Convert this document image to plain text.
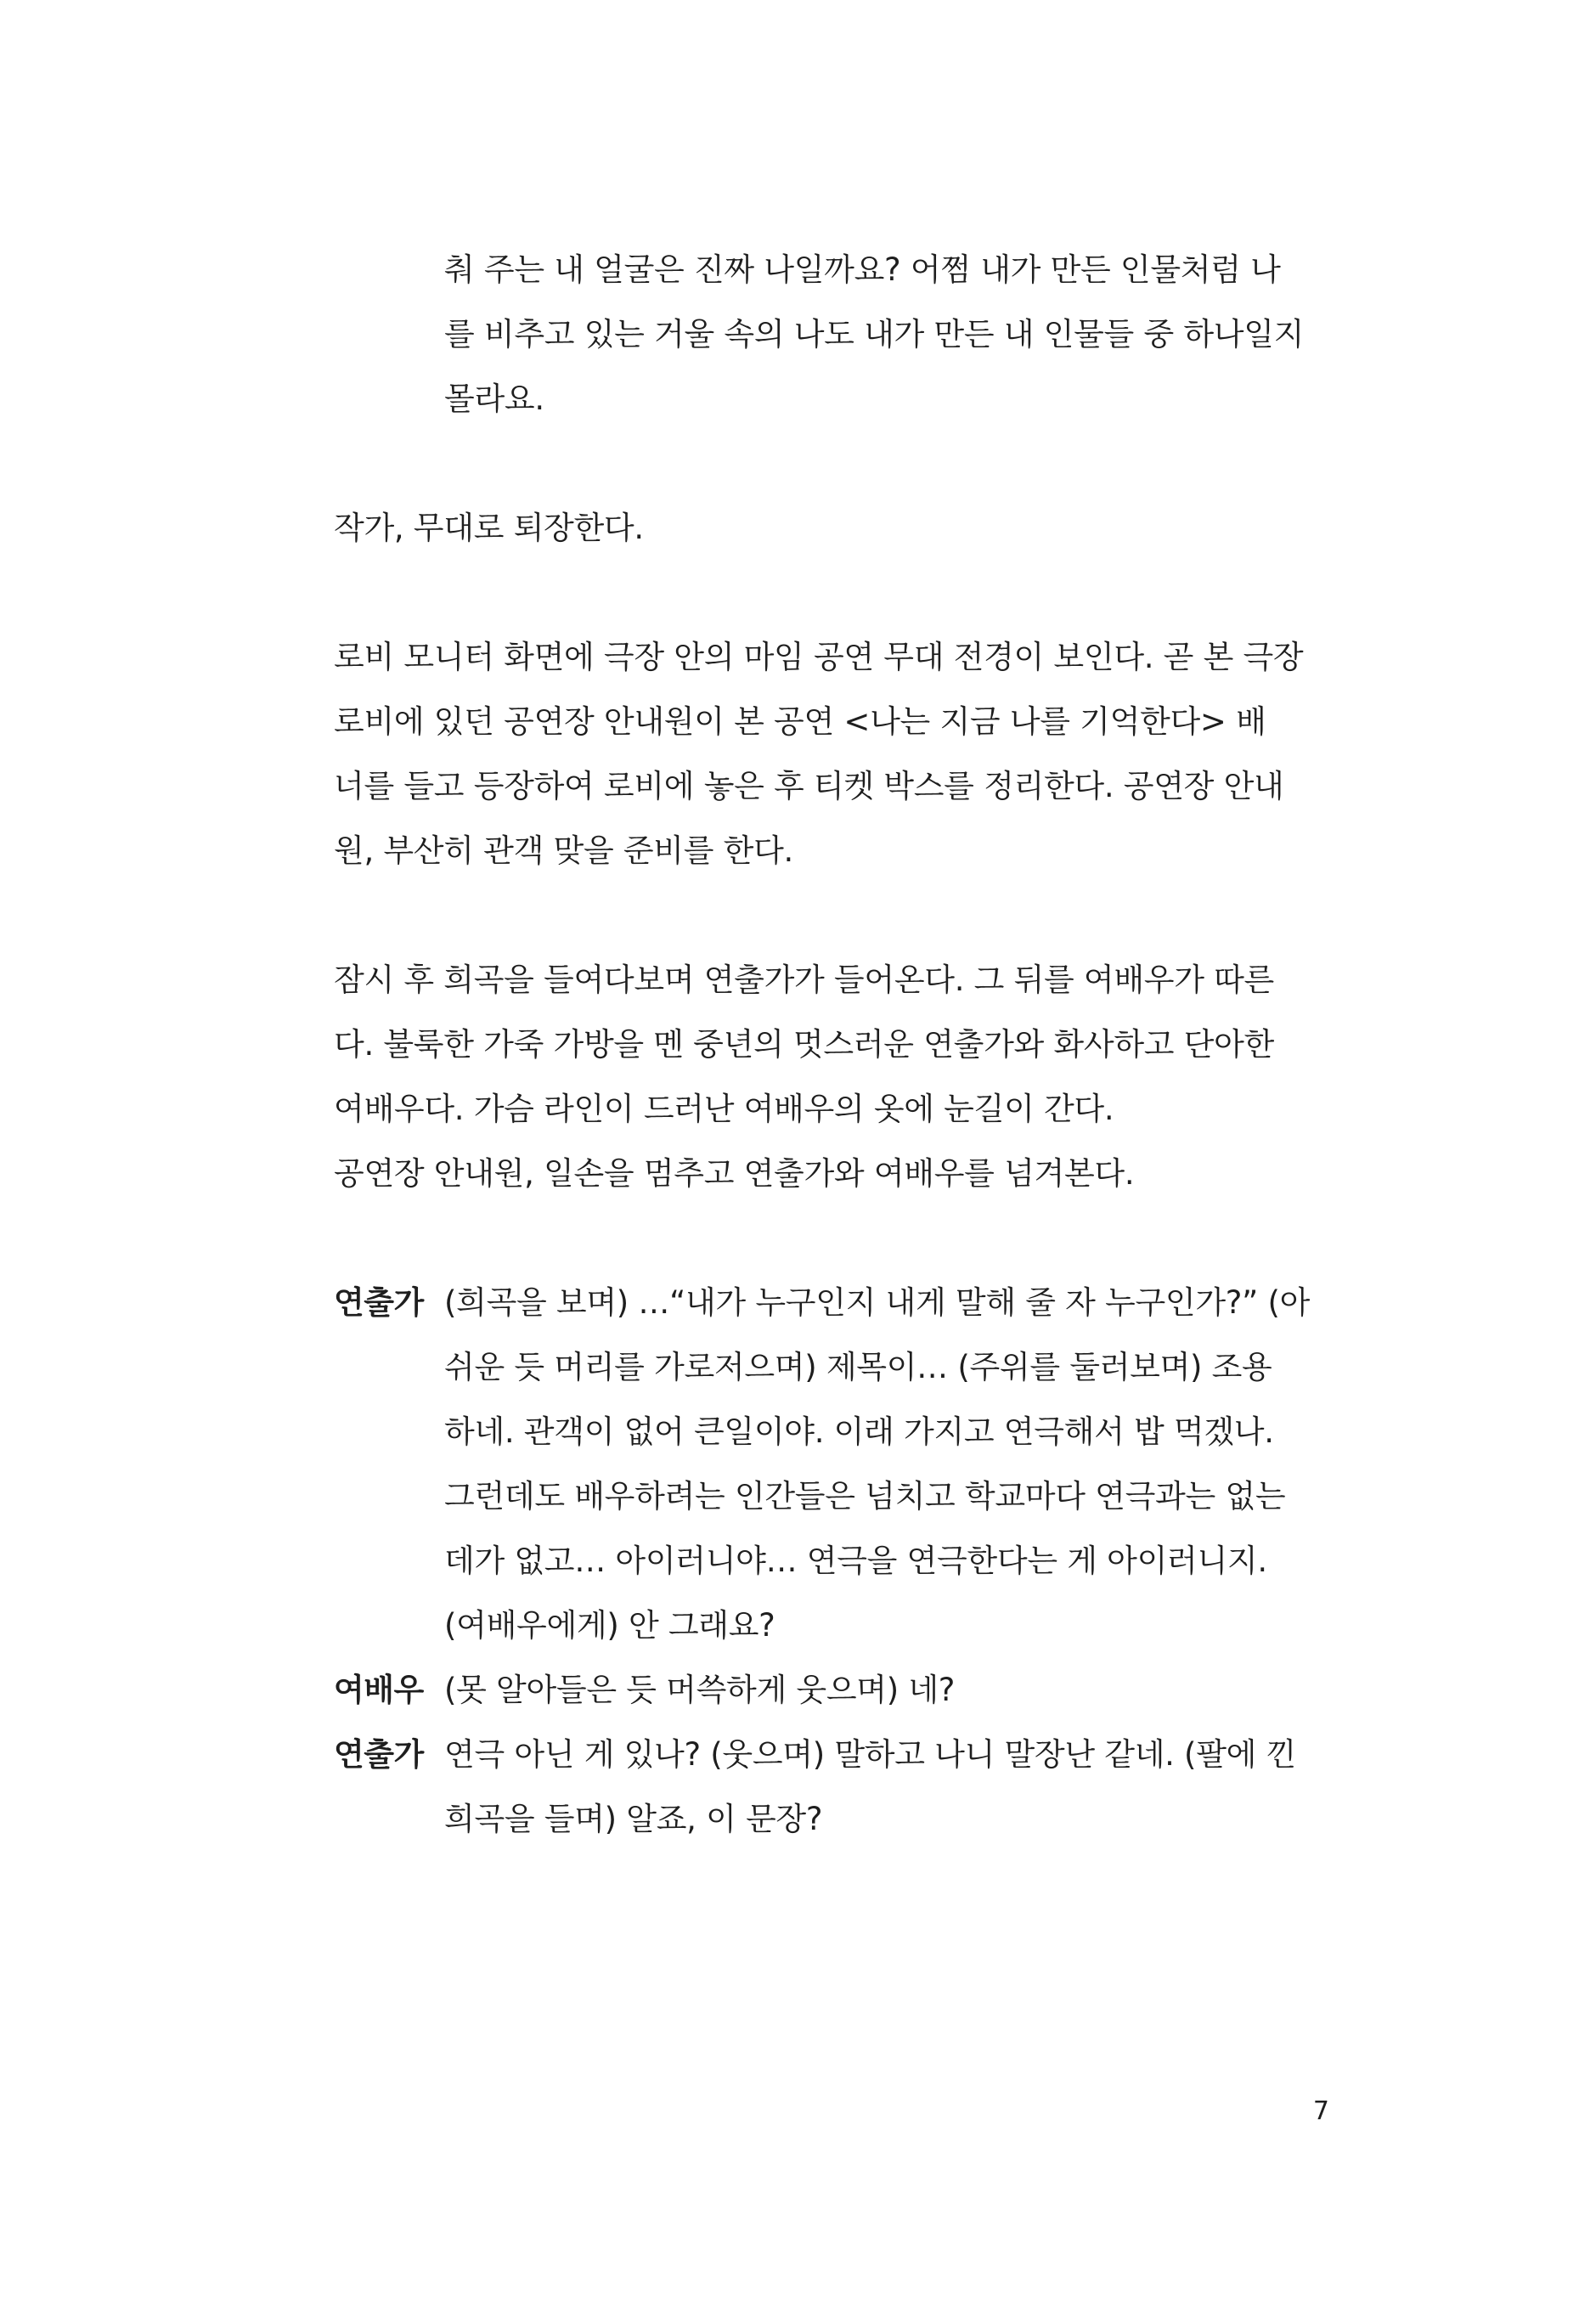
춰 주는 내 얼굴은 진짜 나일까요? 어쩜 내가 만든 인물처럼 나
를 비추고 있는 거울 속의 나도 내가 만든 내 인물들 중 하나일지
몰라요.
작가, 무대로 퇴장한다.
로비 모니터 화면에 극장 안의 마임 공연 무대 전경이 보인다. 곧 본 극장
로비에 있던 공연장 안내원이 본 공연 <나는 지금 나를 기억한다> 배
너를 들고 등장하여 로비에 놓은 후 티켓 박스를 정리한다. 공연장 안내
원, 부산히 관객 맞을 준비를 한다.
잠시 후 희곡을 들여다보며 연출가가 들어온다. 그 뒤를 여배우가 따른
다. 불룩한 가죽 가방을 멘 중년의 멋스러운 연출가와 화사하고 단아한
여배우다. 가슴 라인이 드러난 여배우의 옷에 눈길이 간다.
공연장 안내원, 일손을 멈추고 연출가와 여배우를 넘겨본다.
연출가 (희곡을 보며) …“내가 누구인지 내게 말해 줄 자 누구인가?” (아
쉬운 듯 머리를 가로저으며) 제목이… (주위를 둘러보며) 조용
하네. 관객이 없어 큰일이야. 이래 가지고 연극해서 밥 먹겠나.
그런데도 배우하려는 인간들은 넘치고 학교마다 연극과는 없는
데가 없고… 아이러니야… 연극을 연극한다는 게 아이러니지.
(여배우에게) 안 그래요?
여배우 (못 알아들은 듯 머쓱하게 웃으며) 네?
연출가 연극 아닌 게 있나? (웃으며) 말하고 나니 말장난 같네. (팔에 낀
희곡을 들며) 알죠, 이 문장?
7
